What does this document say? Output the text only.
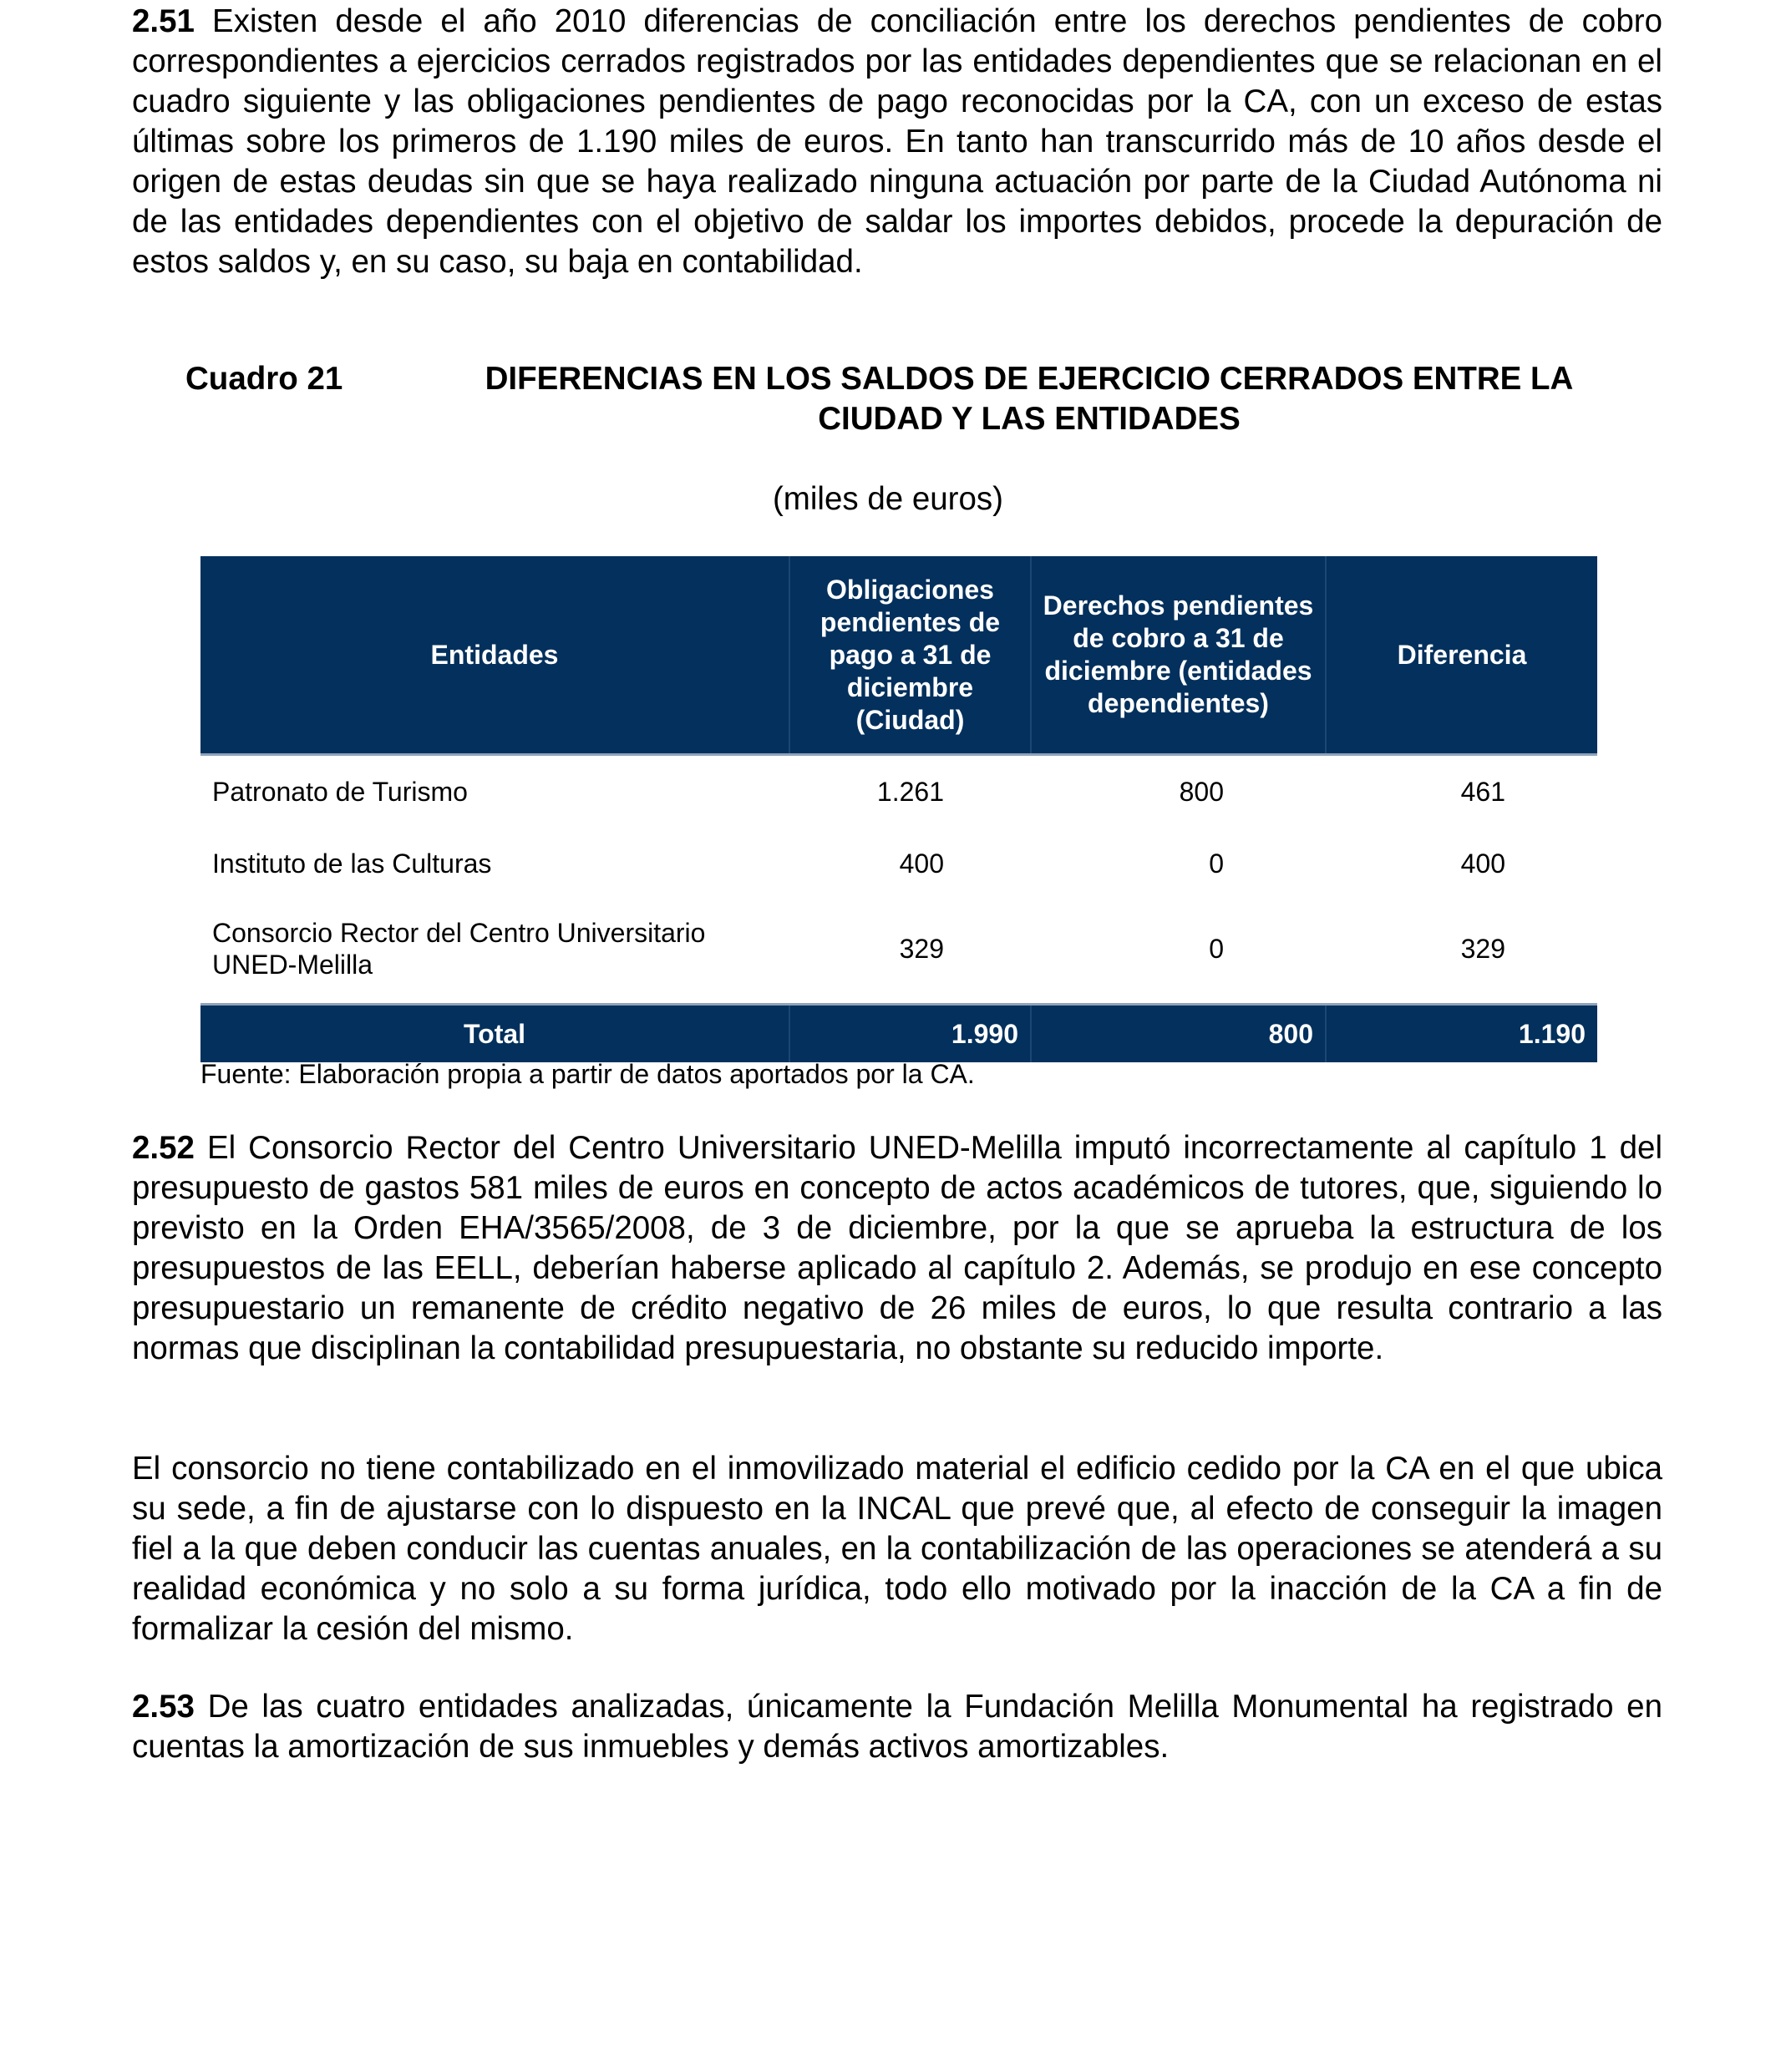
2.51 Existen desde el año 2010 diferencias de conciliación entre los derechos pendientes de cobro correspondientes a ejercicios cerrados registrados por las entidades dependientes que se relacionan en el cuadro siguiente y las obligaciones pendientes de pago reconocidas por la CA, con un exceso de estas últimas sobre los primeros de 1.190 miles de euros. En tanto han transcurrido más de 10 años desde el origen de estas deudas sin que se haya realizado ninguna actuación por parte de la Ciudad Autónoma ni de las entidades dependientes con el objetivo de saldar los importes debidos, procede la depuración de estos saldos y, en su caso, su baja en contabilidad.

Cuadro 21	DIFERENCIAS EN LOS SALDOS DE EJERCICIO CERRADOS ENTRE LA CIUDAD Y LAS ENTIDADES
(miles de euros)
Entidades	Obligaciones pendientes de pago a 31 de diciembre (Ciudad)	Derechos pendientes de cobro a 31 de diciembre (entidades dependientes)	Diferencia
Patronato de Turismo	1.261	800	461
Instituto de las Culturas	400	0	400
Consorcio Rector del Centro Universitario UNED-Melilla	329	0	329

Total	1.990	800	1.190
Fuente: Elaboración propia a partir de datos aportados por la CA.

2.52 El Consorcio Rector del Centro Universitario UNED-Melilla imputó incorrectamente al capítulo 1 del presupuesto de gastos 581 miles de euros en concepto de actos académicos de tutores, que, siguiendo lo previsto en la Orden EHA/3565/2008, de 3 de diciembre, por la que se aprueba la estructura de los presupuestos de las EELL, deberían haberse aplicado al capítulo 2. Además, se produjo en ese concepto presupuestario un remanente de crédito negativo de 26 miles de euros, lo que resulta contrario a las normas que disciplinan la contabilidad presupuestaria, no obstante su reducido importe.

El consorcio no tiene contabilizado en el inmovilizado material el edificio cedido por la CA en el que ubica su sede, a fin de ajustarse con lo dispuesto en la INCAL que prevé que, al efecto de conseguir la imagen fiel a la que deben conducir las cuentas anuales, en la contabilización de las operaciones se atenderá a su realidad económica y no solo a su forma jurídica, todo ello motivado por la inacción de la CA a fin de formalizar la cesión del mismo.

2.53 De las cuatro entidades analizadas, únicamente la Fundación Melilla Monumental ha registrado en cuentas la amortización de sus inmuebles y demás activos amortizables.
